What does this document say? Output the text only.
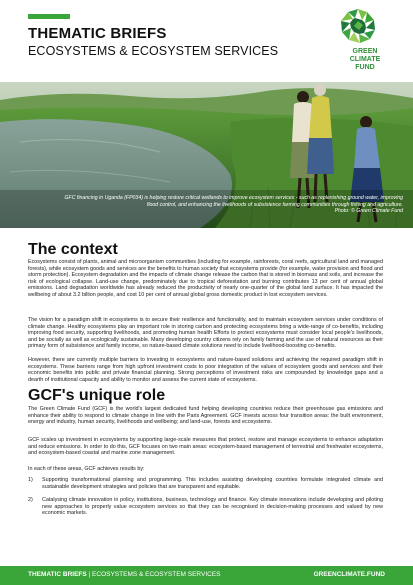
THEMATIC BRIEFS
ECOSYSTEMS & ECOSYSTEM SERVICES	GREEN
CLIMATE
FUND
GFC financing in Uganda (FP034) is helping restore critical wetlands to improve ecosystem services - such as replenishing ground water, improving flood control, and enhancing the livelihoods of subsistence farming communities through fishing and agriculture.
Photo: © Green Climate Fund
The context

Ecosystems consist of plants, animal and microorganism communities (including for example, rainforests, coral reefs, agricultural land and managed forests), while ecosystem goods and services are the benefits to human society that ecosystems provide (for example, water provision and flood and storm protection). Ecosystem degradation and the impacts of climate change release the carbon that is stored in biomass and soils, and increase the risk of ecological collapse. Land-use change, predominately due to tropical deforestation and burning contributes 13 per cent of annual global emissions. Land degradation worldwide has already reduced the productivity of nearly one-quarter of the global land surface. It has impacted the wellbeing of about 3.2 billion people, and cost 10 per cent of annual global gross domestic product in lost ecosystem services.

The vision for a paradigm shift in ecosystems is to secure their resilience and functionality, and to maintain ecosystem services under conditions of climate change. Healthy ecosystems play an important role in storing carbon and protecting ecosystems bring a wide-range of co-benefits, including improving food security, supporting livelihoods, and promoting human health Efforts to protect ecosystems must consider local people's livelihoods, and be socially as well as ecologically sustainable. Many developing country citizens rely on family farming and the use of natural resources as their primary form of subsistence and family income, so nature-based climate solutions need to include livelihood-boosting co-benefits.

However, there are currently multiple barriers to investing in ecosystems and nature-based solutions and achieving the required paradigm shift in ecosystems. These barriers range from high upfront investment costs to poor integration of the values of ecosystem goods and services and their economic benefits into public and private financial planning. Strong perceptions of investment risks are compounded by knowledge gaps and a dearth of institutional capacity and ability to monitor and assess the current state of ecosystems.

GCF's unique role

The Green Climate Fund (GCF) is the world's largest dedicated fund helping developing countries reduce their greenhouse gas emissions and enhance their ability to respond to climate change in line with the Paris Agreement. GCF invests across four transition areas: the built environment, energy and industry, human security, livelihoods and wellbeing; and land-use, forests and ecosystems.

GCF scales up investment in ecosystems by supporting large-scale measures that protect, restore and manage ecosystems to enhance adaptation and reduce emissions. In order to do this, GCF focuses on two main areas: ecosystem-based management of terrestrial and freshwater ecosystems, and ecosystem-based coastal and marine zone management.

In each of these areas, GCF achieves results by:

1)	Supporting transformational planning and programming. This includes assisting developing countries formulate integrated climate and sustainable development strategies and policies that are transparent and equitable.
2)	Catalysing climate innovation in policy, institutions, business, technology and finance. Key climate innovations include developing and piloting new approaches to properly value ecosystem services so that they can be recognised in decision-making processes and valued by new economic markets.
THEMATIC BRIEFS | ECOSYSTEMS & ECOSYSTEM SERVICES	GREENCLIMATE.FUND
